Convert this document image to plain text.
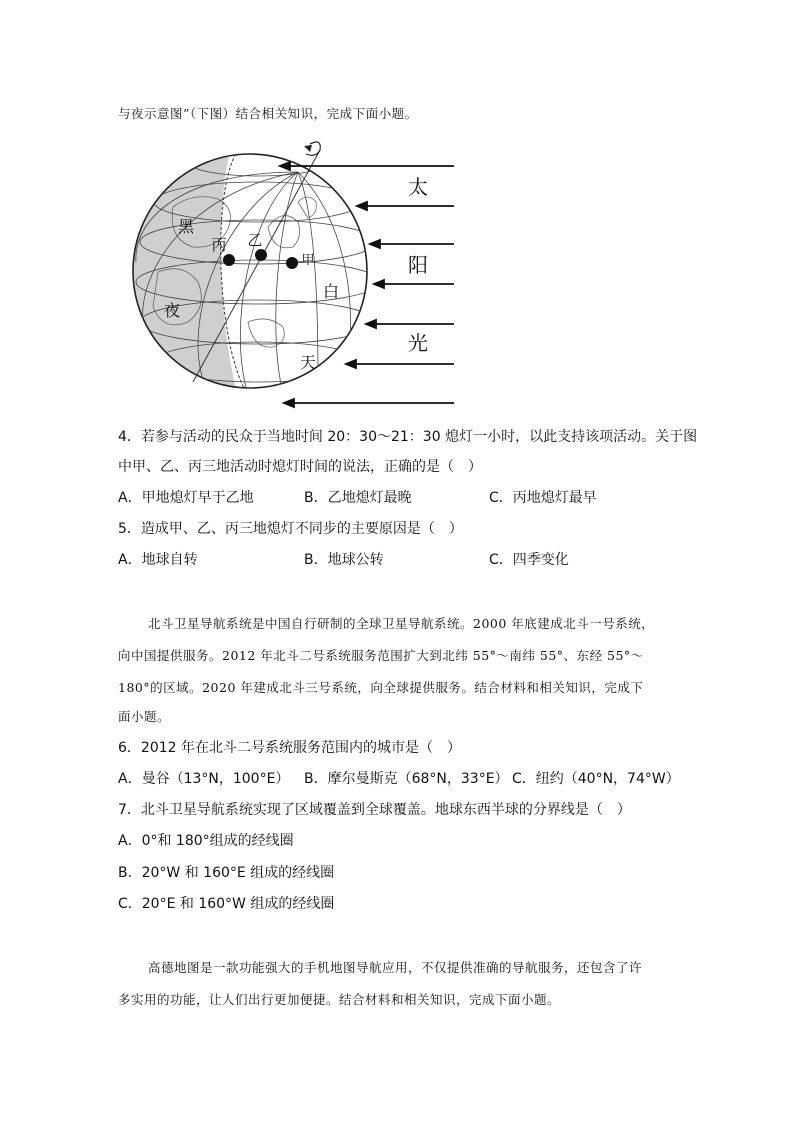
与夜示意图”（下图）结合相关知识，完成下面小题。
太
阳
光
黑
夜
白
天
丙 乙
甲
4．若参与活动的民众于当地时间 20：30～21：30 熄灯一小时，以此支持该项活动。关于图
中甲、乙、丙三地活动时熄灯时间的说法，正确的是（　）
A．甲地熄灯早于乙地	B．乙地熄灯最晚	C．丙地熄灯最早
5．造成甲、乙、丙三地熄灯不同步的主要原因是（　）
A．地球自转	B．地球公转	C．四季变化
北斗卫星导航系统是中国自行研制的全球卫星导航系统。2000 年底建成北斗一号系统，
向中国提供服务。2012 年北斗二号系统服务范围扩大到北纬 55°～南纬 55°、东经 55°～
180°的区域。2020 年建成北斗三号系统，向全球提供服务。结合材料和相关知识，完成下
面小题。
6．2012 年在北斗二号系统服务范围内的城市是（　）
A．曼谷（13°N，100°E） B．摩尔曼斯克（68°N，33°E） C．纽约（40°N，74°W）
7．北斗卫星导航系统实现了区域覆盖到全球覆盖。地球东西半球的分界线是（　）
A．0°和 180°组成的经线圈
B．20°W 和 160°E 组成的经线圈
C．20°E 和 160°W 组成的经线圈
高德地图是一款功能强大的手机地图导航应用，不仅提供准确的导航服务，还包含了许
多实用的功能，让人们出行更加便捷。结合材料和相关知识，完成下面小题。
